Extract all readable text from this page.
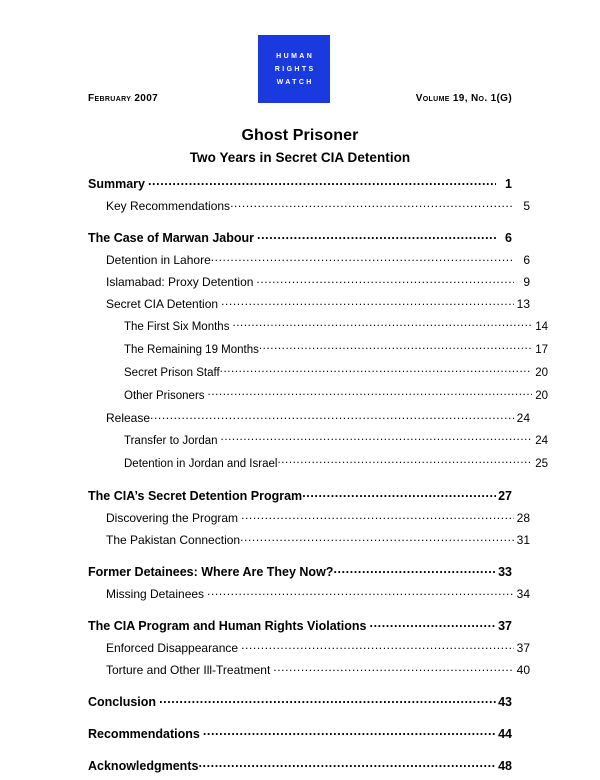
HUMAN
RIGHTS
WATCH
February 2007	Volume 19, No. 1(G)
Ghost Prisoner
Two Years in Secret CIA Detention
Summary .....	1
Key Recommendations .....	5
The Case of Marwan Jabour .....	6
Detention in Lahore .....	6
Islamabad: Proxy Detention .....	9
Secret CIA Detention .....	13
The First Six Months .....	14
The Remaining 19 Months .....	17
Secret Prison Staff .....	20
Other Prisoners .....	20
Release .....	24
Transfer to Jordan .....	24
Detention in Jordan and Israel .....	25
The CIA’s Secret Detention Program .....	27
Discovering the Program .....	28
The Pakistan Connection .....	31
Former Detainees: Where Are They Now? .....	33
Missing Detainees .....	34
The CIA Program and Human Rights Violations .....	37
Enforced Disappearance .....	37
Torture and Other Ill-Treatment .....	40
Conclusion .....	43
Recommendations .....	44
Acknowledgments .....	48
